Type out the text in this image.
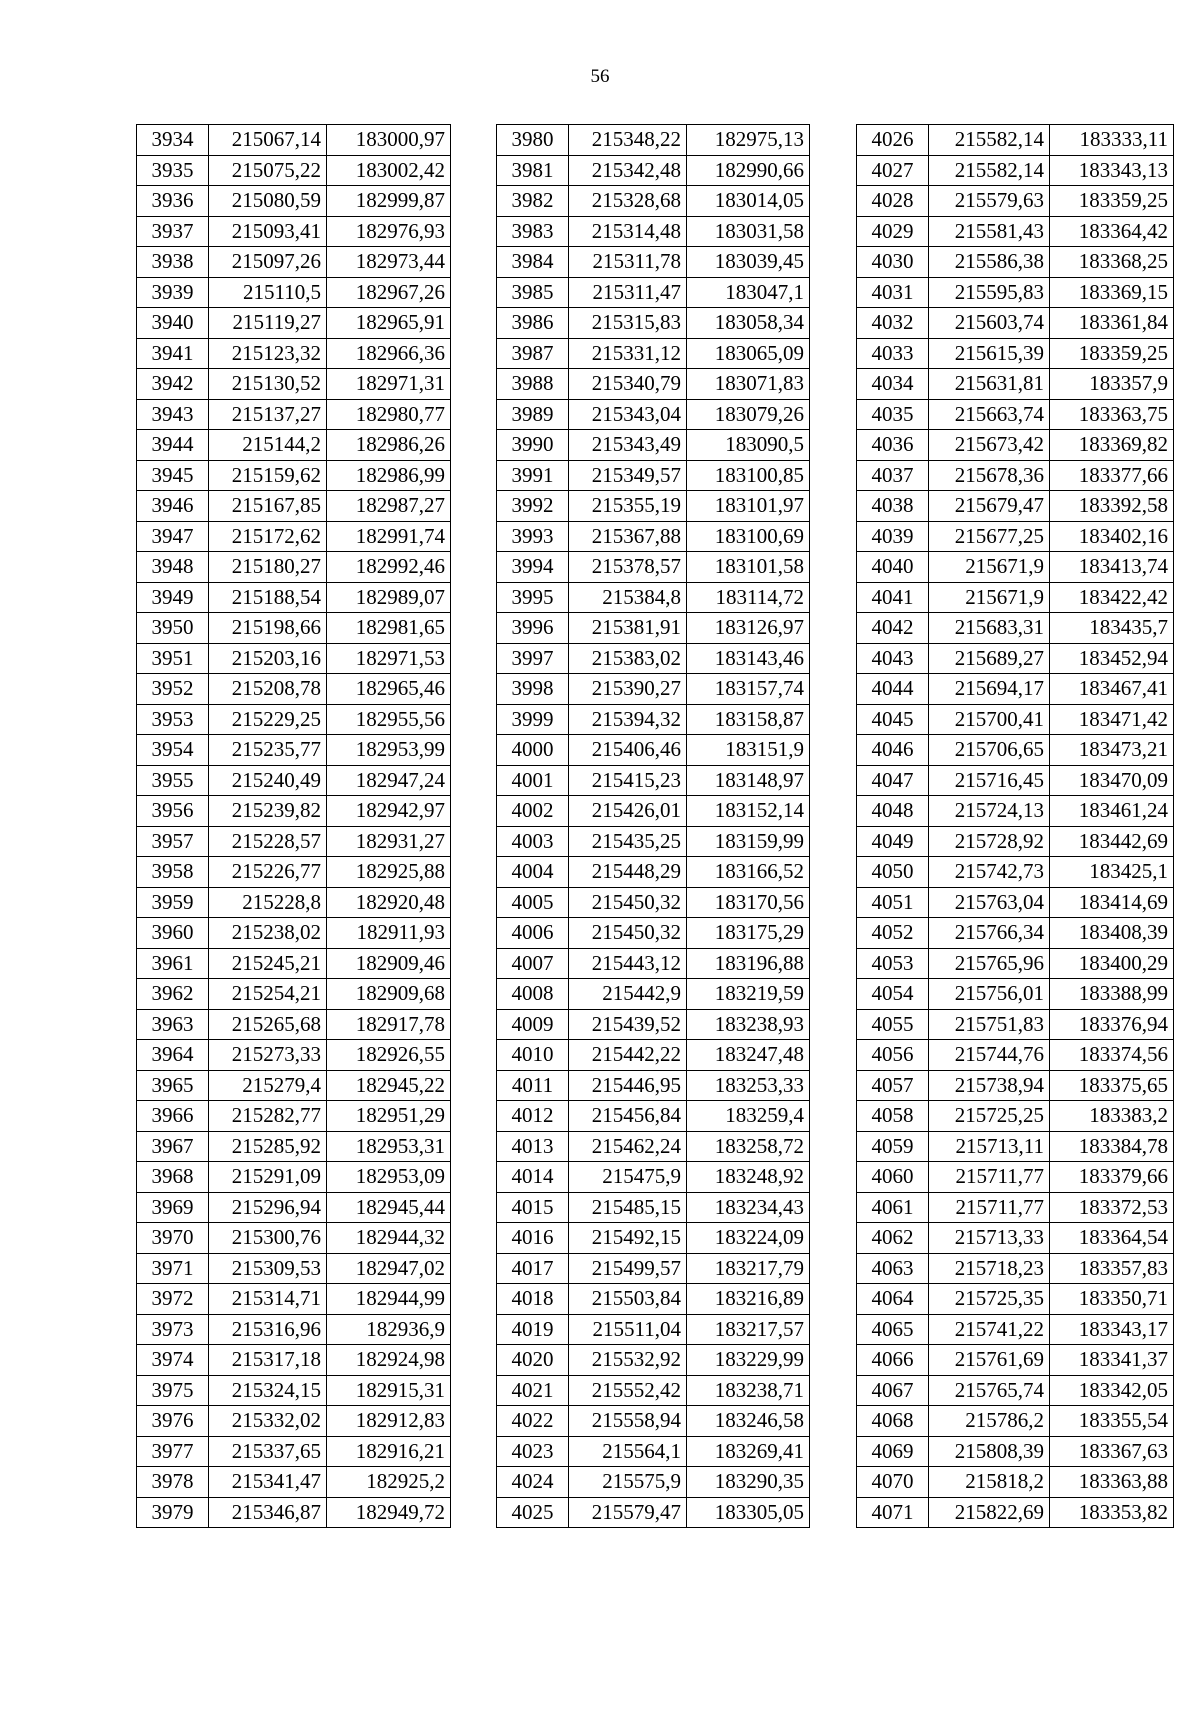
56
3934	215067,14	183000,97
3935	215075,22	183002,42
3936	215080,59	182999,87
3937	215093,41	182976,93
3938	215097,26	182973,44
3939	215110,5	182967,26
3940	215119,27	182965,91
3941	215123,32	182966,36
3942	215130,52	182971,31
3943	215137,27	182980,77
3944	215144,2	182986,26
3945	215159,62	182986,99
3946	215167,85	182987,27
3947	215172,62	182991,74
3948	215180,27	182992,46
3949	215188,54	182989,07
3950	215198,66	182981,65
3951	215203,16	182971,53
3952	215208,78	182965,46
3953	215229,25	182955,56
3954	215235,77	182953,99
3955	215240,49	182947,24
3956	215239,82	182942,97
3957	215228,57	182931,27
3958	215226,77	182925,88
3959	215228,8	182920,48
3960	215238,02	182911,93
3961	215245,21	182909,46
3962	215254,21	182909,68
3963	215265,68	182917,78
3964	215273,33	182926,55
3965	215279,4	182945,22
3966	215282,77	182951,29
3967	215285,92	182953,31
3968	215291,09	182953,09
3969	215296,94	182945,44
3970	215300,76	182944,32
3971	215309,53	182947,02
3972	215314,71	182944,99
3973	215316,96	182936,9
3974	215317,18	182924,98
3975	215324,15	182915,31
3976	215332,02	182912,83
3977	215337,65	182916,21
3978	215341,47	182925,2
3979	215346,87	182949,72
3980	215348,22	182975,13
3981	215342,48	182990,66
3982	215328,68	183014,05
3983	215314,48	183031,58
3984	215311,78	183039,45
3985	215311,47	183047,1
3986	215315,83	183058,34
3987	215331,12	183065,09
3988	215340,79	183071,83
3989	215343,04	183079,26
3990	215343,49	183090,5
3991	215349,57	183100,85
3992	215355,19	183101,97
3993	215367,88	183100,69
3994	215378,57	183101,58
3995	215384,8	183114,72
3996	215381,91	183126,97
3997	215383,02	183143,46
3998	215390,27	183157,74
3999	215394,32	183158,87
4000	215406,46	183151,9
4001	215415,23	183148,97
4002	215426,01	183152,14
4003	215435,25	183159,99
4004	215448,29	183166,52
4005	215450,32	183170,56
4006	215450,32	183175,29
4007	215443,12	183196,88
4008	215442,9	183219,59
4009	215439,52	183238,93
4010	215442,22	183247,48
4011	215446,95	183253,33
4012	215456,84	183259,4
4013	215462,24	183258,72
4014	215475,9	183248,92
4015	215485,15	183234,43
4016	215492,15	183224,09
4017	215499,57	183217,79
4018	215503,84	183216,89
4019	215511,04	183217,57
4020	215532,92	183229,99
4021	215552,42	183238,71
4022	215558,94	183246,58
4023	215564,1	183269,41
4024	215575,9	183290,35
4025	215579,47	183305,05
4026	215582,14	183333,11
4027	215582,14	183343,13
4028	215579,63	183359,25
4029	215581,43	183364,42
4030	215586,38	183368,25
4031	215595,83	183369,15
4032	215603,74	183361,84
4033	215615,39	183359,25
4034	215631,81	183357,9
4035	215663,74	183363,75
4036	215673,42	183369,82
4037	215678,36	183377,66
4038	215679,47	183392,58
4039	215677,25	183402,16
4040	215671,9	183413,74
4041	215671,9	183422,42
4042	215683,31	183435,7
4043	215689,27	183452,94
4044	215694,17	183467,41
4045	215700,41	183471,42
4046	215706,65	183473,21
4047	215716,45	183470,09
4048	215724,13	183461,24
4049	215728,92	183442,69
4050	215742,73	183425,1
4051	215763,04	183414,69
4052	215766,34	183408,39
4053	215765,96	183400,29
4054	215756,01	183388,99
4055	215751,83	183376,94
4056	215744,76	183374,56
4057	215738,94	183375,65
4058	215725,25	183383,2
4059	215713,11	183384,78
4060	215711,77	183379,66
4061	215711,77	183372,53
4062	215713,33	183364,54
4063	215718,23	183357,83
4064	215725,35	183350,71
4065	215741,22	183343,17
4066	215761,69	183341,37
4067	215765,74	183342,05
4068	215786,2	183355,54
4069	215808,39	183367,63
4070	215818,2	183363,88
4071	215822,69	183353,82
